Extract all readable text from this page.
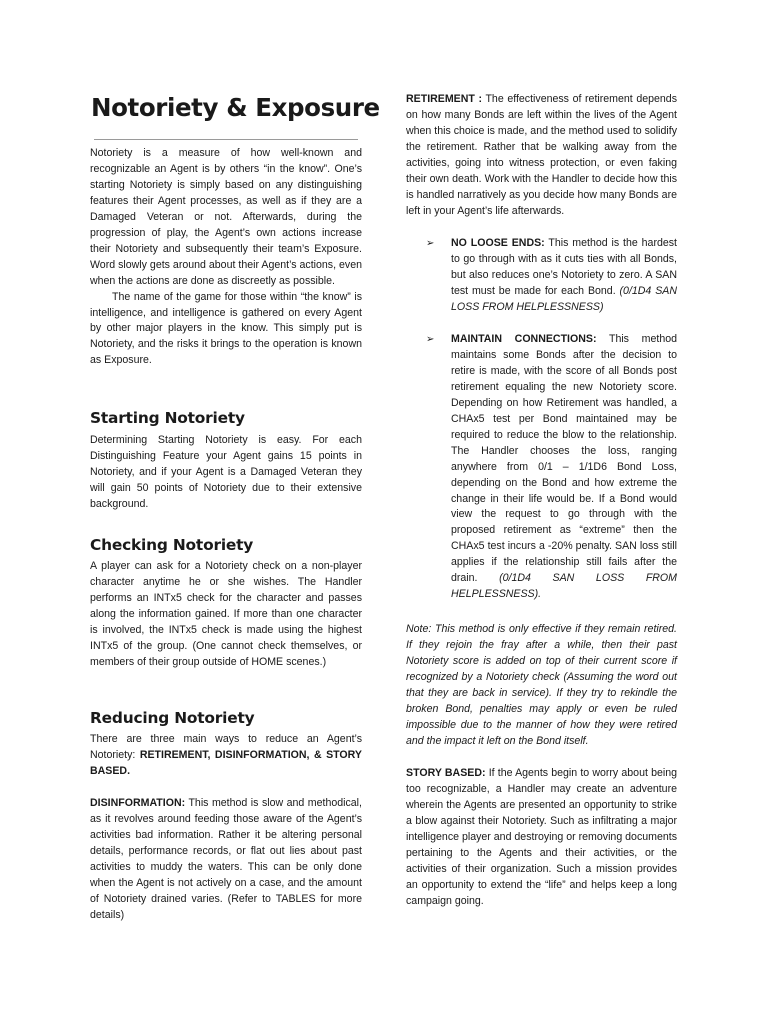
Notoriety & Exposure

Notoriety is a measure of how well-known and recognizable an Agent is by others “in the know”. One’s starting Notoriety is simply based on any distinguishing features their Agent processes, as well as if they are a Damaged Veteran or not. Afterwards, during the progression of play, the Agent’s own actions increase their Notoriety and subsequently their team’s Exposure. Word slowly gets around about their Agent’s actions, even when the actions are done as discreetly as possible.

The name of the game for those within “the know” is intelligence, and intelligence is gathered on every Agent by other major players in the know. This simply put is Notoriety, and the risks it brings to the operation is known as Exposure.

Starting Notoriety

Determining Starting Notoriety is easy. For each Distinguishing Feature your Agent gains 15 points in Notoriety, and if your Agent is a Damaged Veteran they will gain 50 points of Notoriety due to their extensive background.

Checking Notoriety

A player can ask for a Notoriety check on a non-player character anytime he or she wishes. The Handler performs an INTx5 check for the character and passes along the information gained. If more than one character is involved, the INTx5 check is made using the highest INTx5 of the group. (One cannot check themselves, or members of their group outside of HOME scenes.)

Reducing Notoriety

There are three main ways to reduce an Agent’s Notoriety: RETIREMENT, DISINFORMATION, & STORY BASED.

DISINFORMATION: This method is slow and methodical, as it revolves around feeding those aware of the Agent’s activities bad information. Rather it be altering personal details, performance records, or flat out lies about past activities to muddy the waters. This can be only done when the Agent is not actively on a case, and the amount of Notoriety drained varies. (Refer to TABLES for more details)

RETIREMENT : The effectiveness of retirement depends on how many Bonds are left within the lives of the Agent when this choice is made, and the method used to solidify the retirement. Rather that be walking away from the activities, going into witness protection, or even faking their own death. Work with the Handler to decide how this is handled narratively as you decide how many Bonds are left in your Agent’s life afterwards.

➢ NO LOOSE ENDS: This method is the hardest to go through with as it cuts ties with all Bonds, but also reduces one’s Notoriety to zero. A SAN test must be made for each Bond. (0/1D4 SAN LOSS FROM HELPLESSNESS)

➢ MAINTAIN CONNECTIONS: This method maintains some Bonds after the decision to retire is made, with the score of all Bonds post retirement equaling the new Notoriety score. Depending on how Retirement was handled, a CHAx5 test per Bond maintained may be required to reduce the blow to the relationship. The Handler chooses the loss, ranging anywhere from 0/1 – 1/1D6 Bond Loss, depending on the Bond and how extreme the change in their life would be. If a Bond would view the request to go through with the proposed retirement as “extreme” then the CHAx5 test incurs a -20% penalty. SAN loss still applies if the relationship still fails after the drain. (0/1D4 SAN LOSS FROM HELPLESSNESS).

Note: This method is only effective if they remain retired. If they rejoin the fray after a while, then their past Notoriety score is added on top of their current score if recognized by a Notoriety check (Assuming the word out that they are back in service). If they try to rekindle the broken Bond, penalties may apply or even be ruled impossible due to the manner of how they were retired and the impact it left on the Bond itself.

STORY BASED: If the Agents begin to worry about being too recognizable, a Handler may create an adventure wherein the Agents are presented an opportunity to strike a blow against their Notoriety. Such as infiltrating a major intelligence player and destroying or removing documents pertaining to the Agents and their activities, or the activities of their organization. Such a mission provides an opportunity to extend the “life” and helps keep a long campaign going.
